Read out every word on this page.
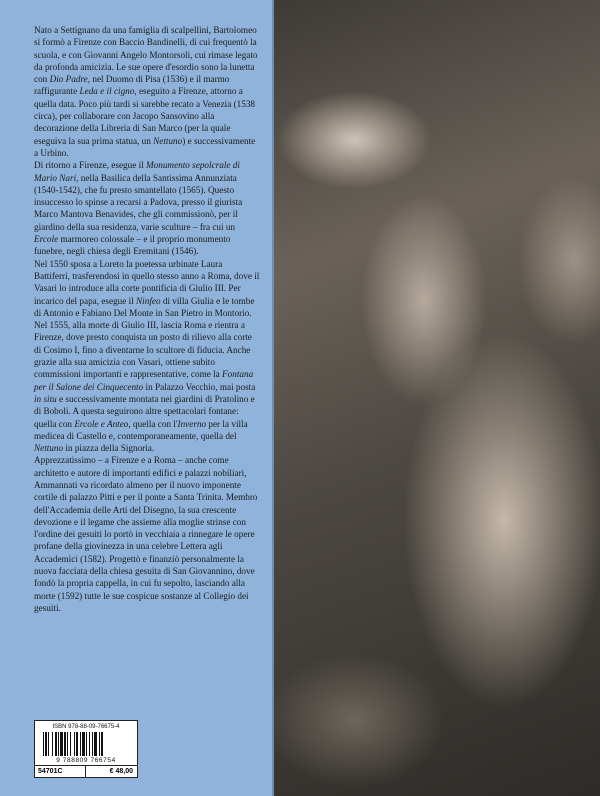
Nato a Settignano da una famiglia di scalpellini, Bartolomeo si formò a Firenze con Baccio Bandinelli, di cui frequentò la scuola, e con Giovanni Angelo Montorsoli, cui rimase legato da profonda amicizia. Le sue opere d'esordio sono la lunetta con Dio Padre, nel Duomo di Pisa (1536) e il marmo raffigurante Leda e il cigno, eseguito a Firenze, attorno a quella data. Poco più tardi si sarebbe recato a Venezia (1538 circa), per collaborare con Jacopo Sansovino alla decorazione della Libreria di San Marco (per la quale eseguiva la sua prima statua, un Nettuno) e successivamente a Urbino.

Di ritorno a Firenze, esegue il Monumento sepolcrale di Mario Nari, nella Basilica della Santissima Annunziata (1540-1542), che fu presto smantellato (1565). Questo insuccesso lo spinse a recarsi a Padova, presso il giurista Marco Mantova Benavides, che gli commissionò, per il giardino della sua residenza, varie sculture – fra cui un Ercole marmoreo colossale – e il proprio monumento funebre, negli chiesa degli Eremitani (1546).

Nel 1550 sposa a Loreto la poetessa urbinate Laura Battiferri, trasferendosi in quello stesso anno a Roma, dove il Vasari lo introduce alla corte pontificia di Giulio III. Per incarico del papa, esegue il Ninfeo di villa Giulia e le tombe di Antonio e Fabiano Del Monte in San Pietro in Montorio.

Nel 1555, alla morte di Giulio III, lascia Roma e rientra a Firenze, dove presto conquista un posto di rilievo alla corte di Cosimo I, fino a diventarne lo scultore di fiducia. Anche grazie alla sua amicizia con Vasari, ottiene subito commissioni importanti e rappresentative, come la Fontana per il Salone dei Cinquecento in Palazzo Vecchio, mai posta in situ e successivamente montata nei giardini di Pratolino e di Boboli. A questa seguirono altre spettacolari fontane: quella con Ercole e Anteo, quella con l'Inverno per la villa medicea di Castello e, contemporaneamente, quella del Nettuno in piazza della Signoria.

Apprezzatissimo – a Firenze e a Roma – anche come architetto e autore di importanti edifici e palazzi nobiliari, Ammannati va ricordato almeno per il nuovo imponente cortile di palazzo Pitti e per il ponte a Santa Trinita. Membro dell'Accademia delle Arti del Disegno, la sua crescente devozione e il legame che assieme alla moglie strinse con l'ordine dei gesuiti lo portò in vecchiaia a rinnegare le opere profane della giovinezza in una celebre Lettera agli Accademici (1582). Progettò e finanziò personalmente la nuova facciata della chiesa gesuita di San Giovannino, dove fondò la propria cappella, in cui fu sepolto, lasciando alla morte (1592) tutte le sue cospicue sostanze al Collegio dei gesuiti.

ISBN 978-88-09-76675-4
9 788809 766754
54701C	€ 48,00
